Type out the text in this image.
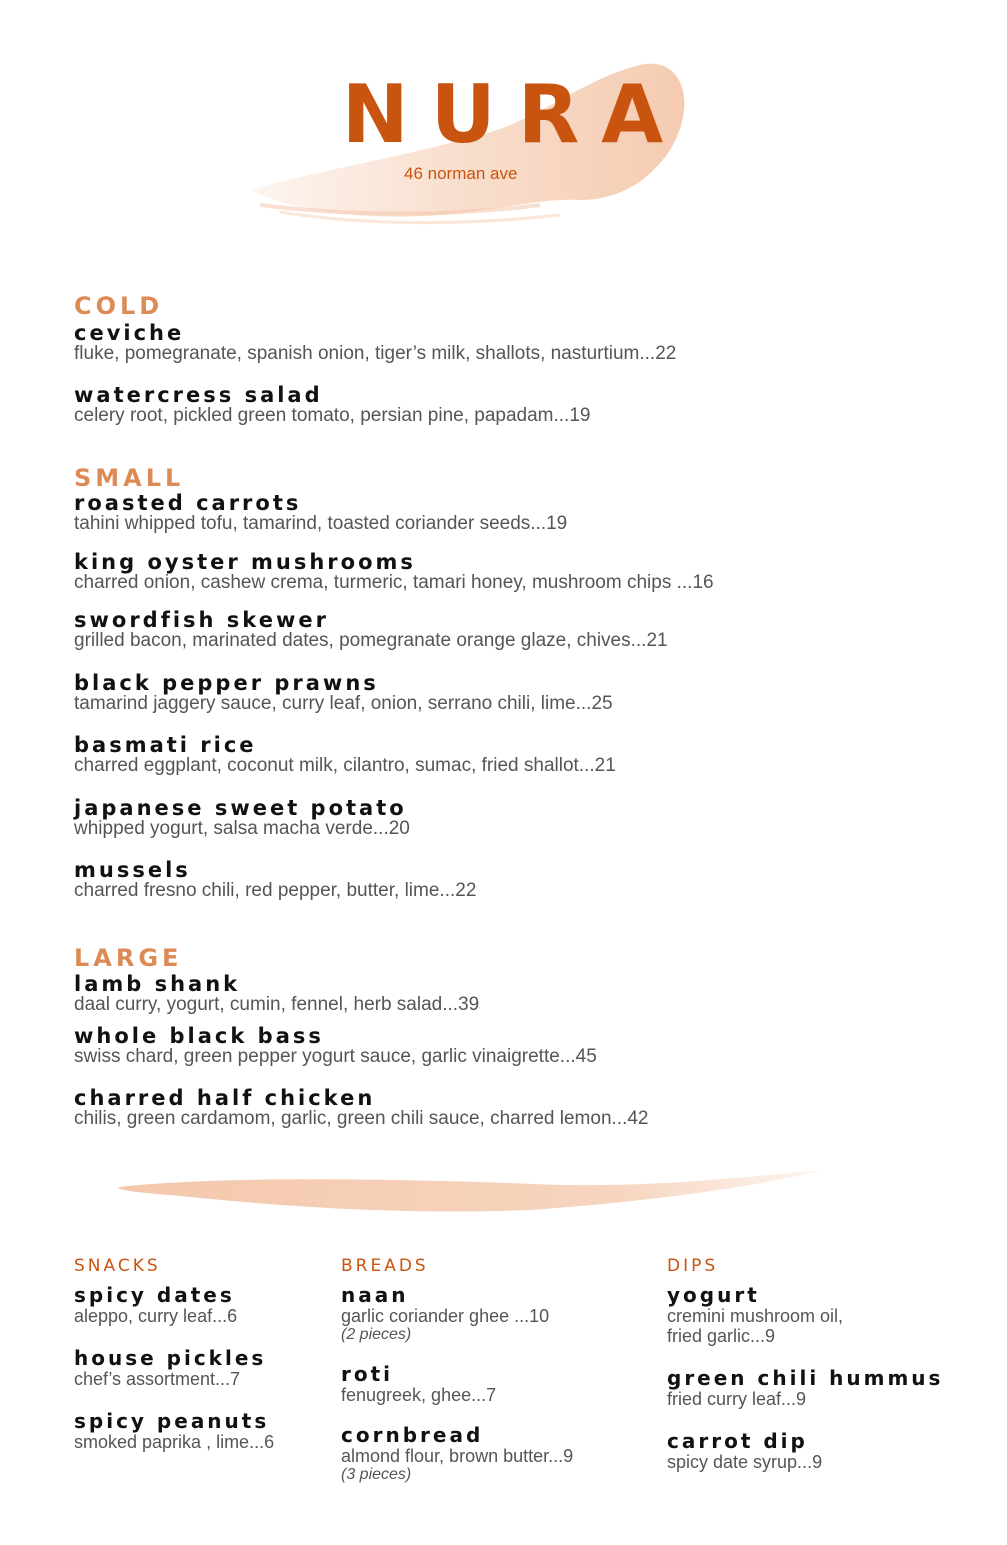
NURA
46 norman ave
COLD
ceviche
fluke, pomegranate, spanish onion, tiger’s milk, shallots, nasturtium...22
watercress salad
celery root, pickled green tomato, persian pine, papadam...19
SMALL
roasted carrots
tahini whipped tofu, tamarind, toasted coriander seeds...19
king oyster mushrooms
charred onion, cashew crema, turmeric, tamari honey, mushroom chips ...16
swordfish skewer
grilled bacon, marinated dates, pomegranate orange glaze, chives...21
black pepper prawns
tamarind jaggery sauce, curry leaf, onion, serrano chili, lime...25
basmati rice
charred eggplant, coconut milk, cilantro, sumac, fried shallot...21
japanese sweet potato
whipped yogurt, salsa macha verde...20
mussels
charred fresno chili, red pepper, butter, lime...22
LARGE
lamb shank
daal curry, yogurt, cumin, fennel, herb salad...39
whole black bass
swiss chard, green pepper yogurt sauce, garlic vinaigrette...45
charred half chicken
chilis, green cardamom, garlic, green chili sauce, charred lemon...42
SNACKS
spicy dates
aleppo, curry leaf...6
house pickles
chef’s assortment...7
spicy peanuts
smoked paprika , lime...6
BREADS
naan
garlic coriander ghee ...10
(2 pieces)
roti
fenugreek, ghee...7
cornbread
almond flour, brown butter...9
(3 pieces)
DIPS
yogurt
cremini mushroom oil,
fried garlic...9
green chili hummus
fried curry leaf...9
carrot dip
spicy date syrup...9
